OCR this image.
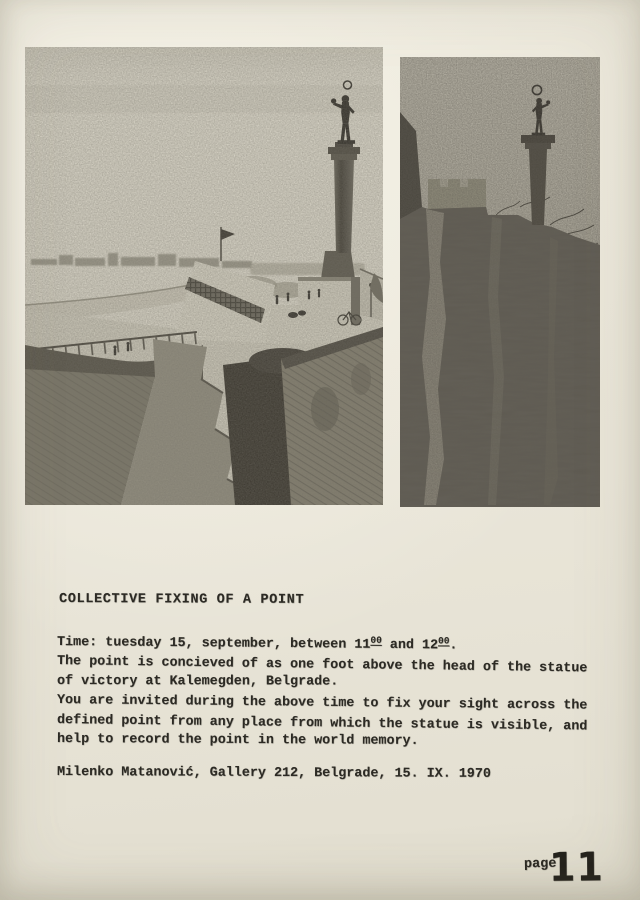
COLLECTIVE FIXING OF A POINT

Time: tuesday 15, september, between $11^{00}$ and $12^{00}$.

The point is concieved of as one foot above the head of the statue

of victory at Kalemegden, Belgrade.

You are invited during the above time to fix your sight across the

defined point from any place from which the statue is visible, and

help to record the point in the world memory.

Milenko Matanović, Gallery 212, Belgrade, 15. IX. 1970

page
11
